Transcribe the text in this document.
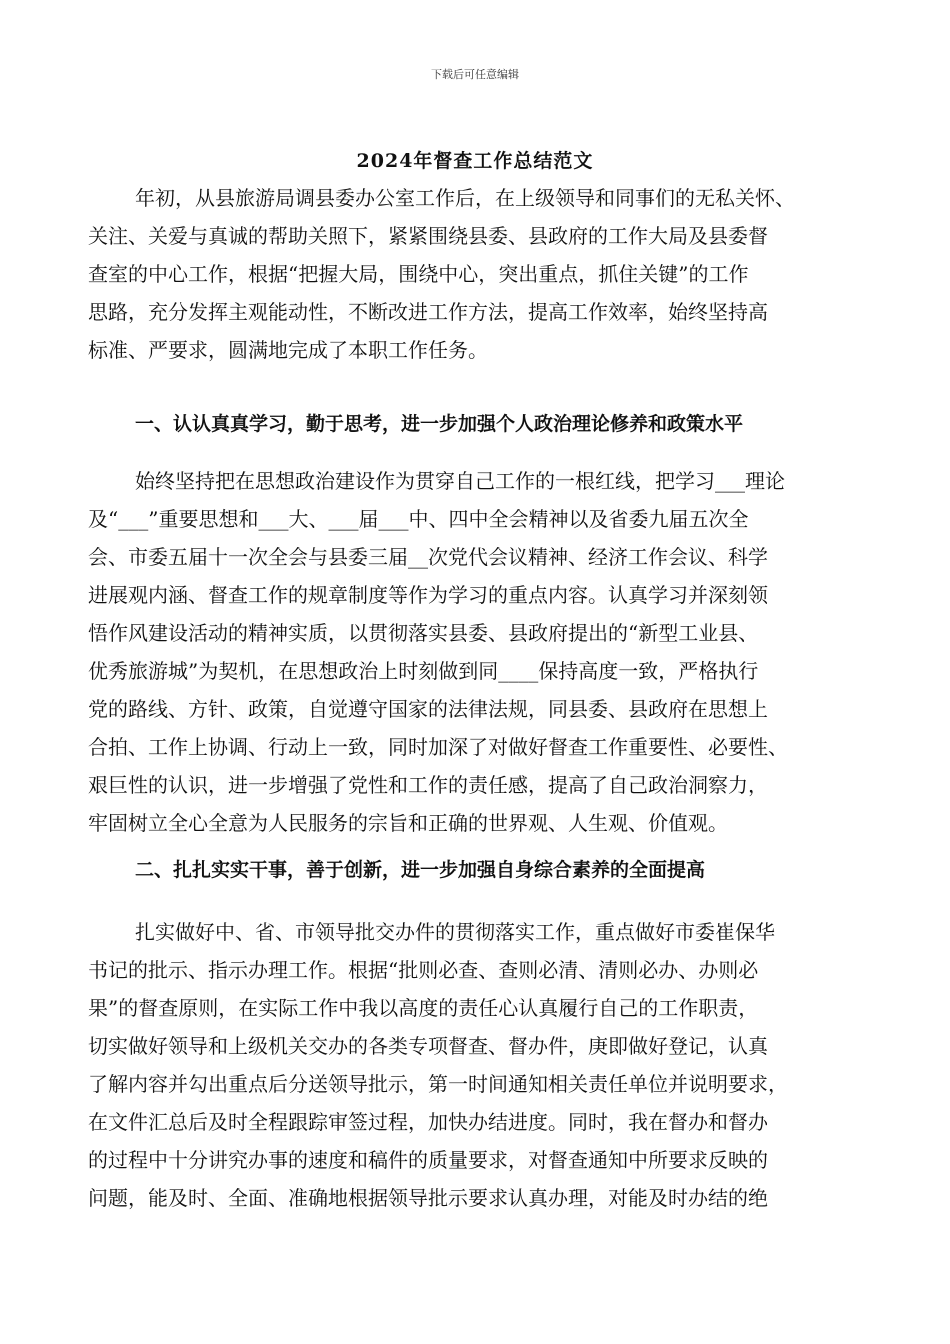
下载后可任意编辑
2024年督查工作总结范文
年初，从县旅游局调县委办公室工作后，在上级领导和同事们的无私关怀、
关注、关爱与真诚的帮助关照下，紧紧围绕县委、县政府的工作大局及县委督
查室的中心工作，根据“把握大局，围绕中心，突出重点，抓住关键”的工作
思路，充分发挥主观能动性，不断改进工作方法，提高工作效率，始终坚持高
标准、严要求，圆满地完成了本职工作任务。
一、认认真真学习，勤于思考，进一步加强个人政治理论修养和政策水平
始终坚持把在思想政治建设作为贯穿自己工作的一根红线，把学习___理论
及“___”重要思想和___大、___届___中、四中全会精神以及省委九届五次全
会、市委五届十一次全会与县委三届__次党代会议精神、经济工作会议、科学
进展观内涵、督查工作的规章制度等作为学习的重点内容。认真学习并深刻领
悟作风建设活动的精神实质，以贯彻落实县委、县政府提出的“新型工业县、
优秀旅游城”为契机，在思想政治上时刻做到同____保持高度一致，严格执行
党的路线、方针、政策，自觉遵守国家的法律法规，同县委、县政府在思想上
合拍、工作上协调、行动上一致，同时加深了对做好督查工作重要性、必要性、
艰巨性的认识，进一步增强了党性和工作的责任感，提高了自己政治洞察力，
牢固树立全心全意为人民服务的宗旨和正确的世界观、人生观、价值观。
二、扎扎实实干事，善于创新，进一步加强自身综合素养的全面提高
扎实做好中、省、市领导批交办件的贯彻落实工作，重点做好市委崔保华
书记的批示、指示办理工作。根据“批则必查、查则必清、清则必办、办则必
果”的督查原则，在实际工作中我以高度的责任心认真履行自己的工作职责，
切实做好领导和上级机关交办的各类专项督查、督办件，庚即做好登记，认真
了解内容并勾出重点后分送领导批示，第一时间通知相关责任单位并说明要求，
在文件汇总后及时全程跟踪审签过程，加快办结进度。同时，我在督办和督办
的过程中十分讲究办事的速度和稿件的质量要求，对督查通知中所要求反映的
问题，能及时、全面、准确地根据领导批示要求认真办理，对能及时办结的绝
